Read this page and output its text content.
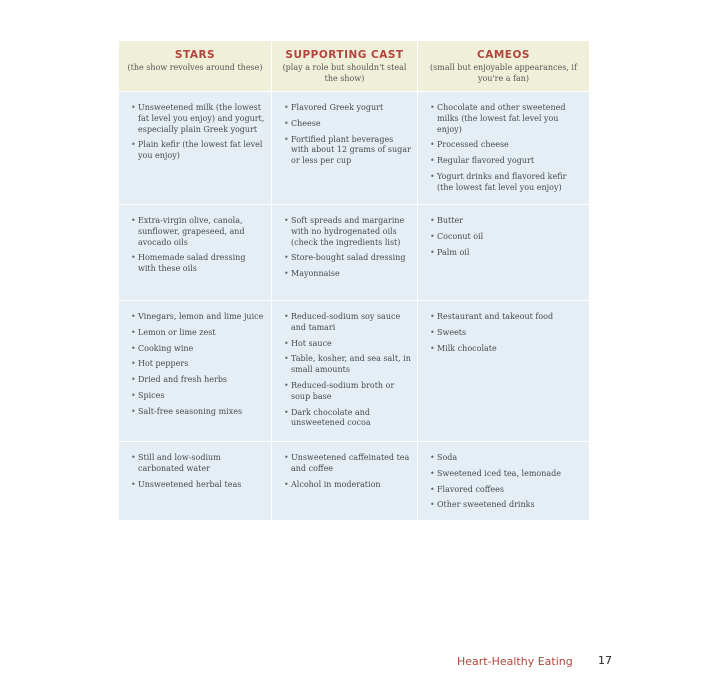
STARS
(the show revolves around these)
SUPPORTING CAST
(play a role but shouldn't steal the show)
CAMEOS
(small but enjoyable appearances, if you're a fan)
• Unsweetened milk (the lowest fat level you enjoy) and yogurt, especially plain Greek yogurt
• Plain kefir (the lowest fat level you enjoy)
• Flavored Greek yogurt
• Cheese
• Fortified plant beverages with about 12 grams of sugar or less per cup
• Chocolate and other sweetened milks (the lowest fat level you enjoy)
• Processed cheese
• Regular flavored yogurt
• Yogurt drinks and flavored kefir (the lowest fat level you enjoy)
• Extra-virgin olive, canola, sunflower, grapeseed, and avocado oils
• Homemade salad dressing with these oils
• Soft spreads and margarine with no hydrogenated oils (check the ingredients list)
• Store-bought salad dressing
• Mayonnaise
• Butter
• Coconut oil
• Palm oil
• Vinegars, lemon and lime juice
• Lemon or lime zest
• Cooking wine
• Hot peppers
• Dried and fresh herbs
• Spices
• Salt-free seasoning mixes
• Reduced-sodium soy sauce and tamari
• Hot sauce
• Table, kosher, and sea salt, in small amounts
• Reduced-sodium broth or soup base
• Dark chocolate and unsweetened cocoa
• Restaurant and takeout food
• Sweets
• Milk chocolate
• Still and low-sodium carbonated water
• Unsweetened herbal teas
• Unsweetened caffeinated tea and coffee
• Alcohol in moderation
• Soda
• Sweetened iced tea, lemonade
• Flavored coffees
• Other sweetened drinks
Heart-Healthy Eating 17
